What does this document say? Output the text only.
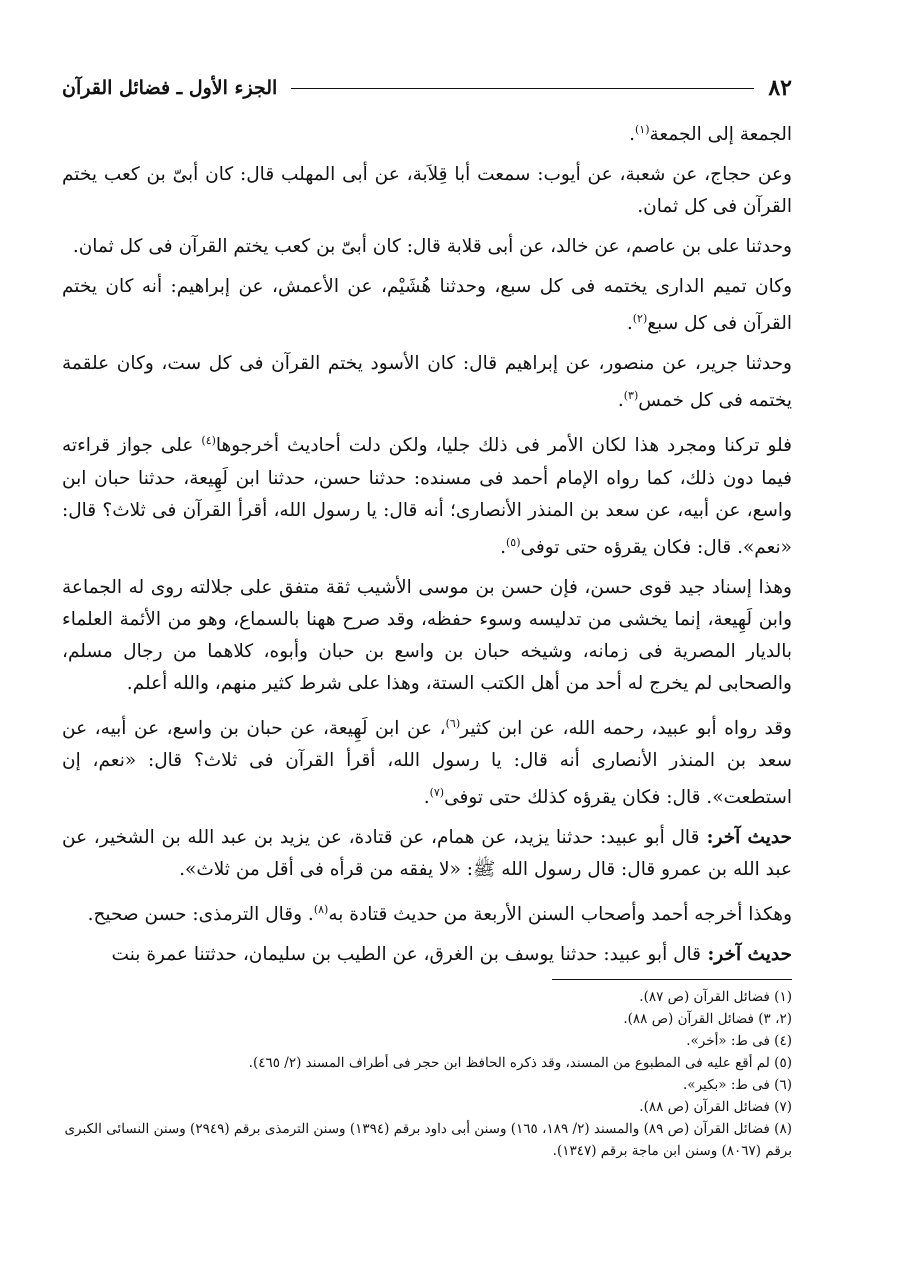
٨٢
الجزء الأول ـ فضائل القرآن

الجمعة إلى الجمعة$^{(١)}$.

وعن حجاج، عن شعبة، عن أيوب: سمعت أبا قِلاَبة، عن أبى المهلب قال: كان أبىّ بن كعب يختم القرآن فى كل ثمان.

وحدثنا على بن عاصم، عن خالد، عن أبى قلابة قال: كان أبىّ بن كعب يختم القرآن فى كل ثمان.

وكان تميم الدارى يختمه فى كل سبع، وحدثنا هُشَيْم، عن الأعمش، عن إبراهيم: أنه كان يختم القرآن فى كل سبع$^{(٢)}$.

وحدثنا جرير، عن منصور، عن إبراهيم قال: كان الأسود يختم القرآن فى كل ست، وكان علقمة يختمه فى كل خمس$^{(٣)}$.

فلو تركنا ومجرد هذا لكان الأمر فى ذلك جليا، ولكن دلت أحاديث أخرجوها$^{(٤)}$ على جواز قراءته فيما دون ذلك، كما رواه الإمام أحمد فى مسنده: حدثنا حسن، حدثنا ابن لَهِيعة، حدثنا حبان ابن واسع، عن أبيه، عن سعد بن المنذر الأنصارى؛ أنه قال: يا رسول الله، أقرأ القرآن فى ثلاث؟ قال: «نعم». قال: فكان يقرؤه حتى توفى$^{(٥)}$.

وهذا إسناد جيد قوى حسن، فإن حسن بن موسى الأشيب ثقة متفق على جلالته روى له الجماعة وابن لَهِيعة، إنما يخشى من تدليسه وسوء حفظه، وقد صرح ههنا بالسماع، وهو من الأئمة العلماء بالديار المصرية فى زمانه، وشيخه حبان بن واسع بن حبان وأبوه، كلاهما من رجال مسلم، والصحابى لم يخرج له أحد من أهل الكتب الستة، وهذا على شرط كثير منهم، والله أعلم.

وقد رواه أبو عبيد، رحمه الله، عن ابن كثير$^{(٦)}$، عن ابن لَهِيعة، عن حبان بن واسع، عن أبيه، عن سعد بن المنذر الأنصارى أنه قال: يا رسول الله، أقرأ القرآن فى ثلاث؟ قال: «نعم، إن استطعت». قال: فكان يقرؤه كذلك حتى توفى$^{(٧)}$.

حديث آخر: قال أبو عبيد: حدثنا يزيد، عن همام، عن قتادة، عن يزيد بن عبد الله بن الشخير، عن عبد الله بن عمرو قال: قال رسول الله ﷺ: «لا يفقه من قرأه فى أقل من ثلاث».

وهكذا أخرجه أحمد وأصحاب السنن الأربعة من حديث قتادة به$^{(٨)}$. وقال الترمذى: حسن صحيح.

حديث آخر: قال أبو عبيد: حدثنا يوسف بن الغرق، عن الطيب بن سليمان، حدثتنا عمرة بنت

(١) فضائل القرآن (ص ٨٧).

(٢، ٣) فضائل القرآن (ص ٨٨).

(٤) فى ط: «أخر».

(٥) لم أقع عليه فى المطبوع من المسند، وقد ذكره الحافظ ابن حجر فى أطراف المسند (٢/ ٤٦٥).

(٦) فى ط: «بكير».

(٧) فضائل القرآن (ص ٨٨).

(٨) فضائل القرآن (ص ٨٩) والمسند (٢/ ١٨٩، ١٦٥) وسنن أبى داود برقم (١٣٩٤) وسنن الترمذى برقم (٢٩٤٩) وسنن النسائى الكبرى برقم (٨٠٦٧) وسنن ابن ماجة برقم (١٣٤٧).
